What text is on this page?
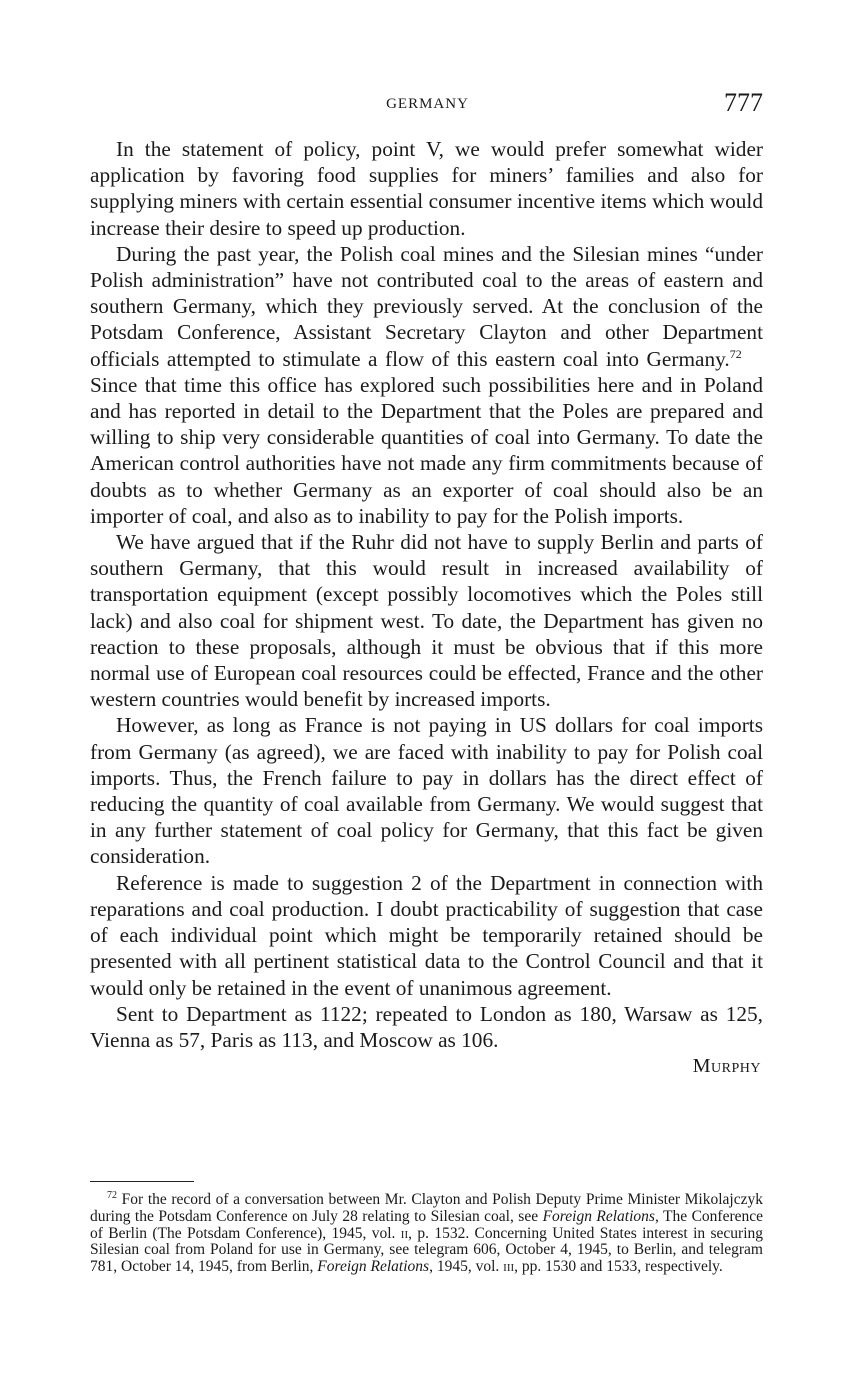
GERMANY	777

In the statement of policy, point V, we would prefer somewhat wider application by favoring food supplies for miners’ families and also for supplying miners with certain essential consumer incentive items which would increase their desire to speed up production.

During the past year, the Polish coal mines and the Silesian mines “under Polish administration” have not contributed coal to the areas of eastern and southern Germany, which they previously served. At the conclusion of the Potsdam Conference, Assistant Secretary Clayton and other Department officials attempted to stimulate a flow of this eastern coal into Germany.$^{72}$ Since that time this office has explored such possibilities here and in Poland and has reported in detail to the Department that the Poles are prepared and willing to ship very considerable quantities of coal into Germany. To date the American control authorities have not made any firm commitments because of doubts as to whether Germany as an exporter of coal should also be an importer of coal, and also as to inability to pay for the Polish imports.

We have argued that if the Ruhr did not have to supply Berlin and parts of southern Germany, that this would result in increased availability of transportation equipment (except possibly locomotives which the Poles still lack) and also coal for shipment west. To date, the Department has given no reaction to these proposals, although it must be obvious that if this more normal use of European coal resources could be effected, France and the other western countries would benefit by increased imports.

However, as long as France is not paying in US dollars for coal imports from Germany (as agreed), we are faced with inability to pay for Polish coal imports. Thus, the French failure to pay in dollars has the direct effect of reducing the quantity of coal available from Germany. We would suggest that in any further statement of coal policy for Germany, that this fact be given consideration.

Reference is made to suggestion 2 of the Department in connection with reparations and coal production. I doubt practicability of suggestion that case of each individual point which might be temporarily retained should be presented with all pertinent statistical data to the Control Council and that it would only be retained in the event of unanimous agreement.

Sent to Department as 1122; repeated to London as 180, Warsaw as 125, Vienna as 57, Paris as 113, and Moscow as 106.

Murphy

$^{72}$ For the record of a conversation between Mr. Clayton and Polish Deputy Prime Minister Mikolajczyk during the Potsdam Conference on July 28 relating to Silesian coal, see Foreign Relations, The Conference of Berlin (The Potsdam Conference), 1945, vol. ii, p. 1532. Concerning United States interest in securing Silesian coal from Poland for use in Germany, see telegram 606, October 4, 1945, to Berlin, and telegram 781, October 14, 1945, from Berlin, Foreign Relations, 1945, vol. iii, pp. 1530 and 1533, respectively.
